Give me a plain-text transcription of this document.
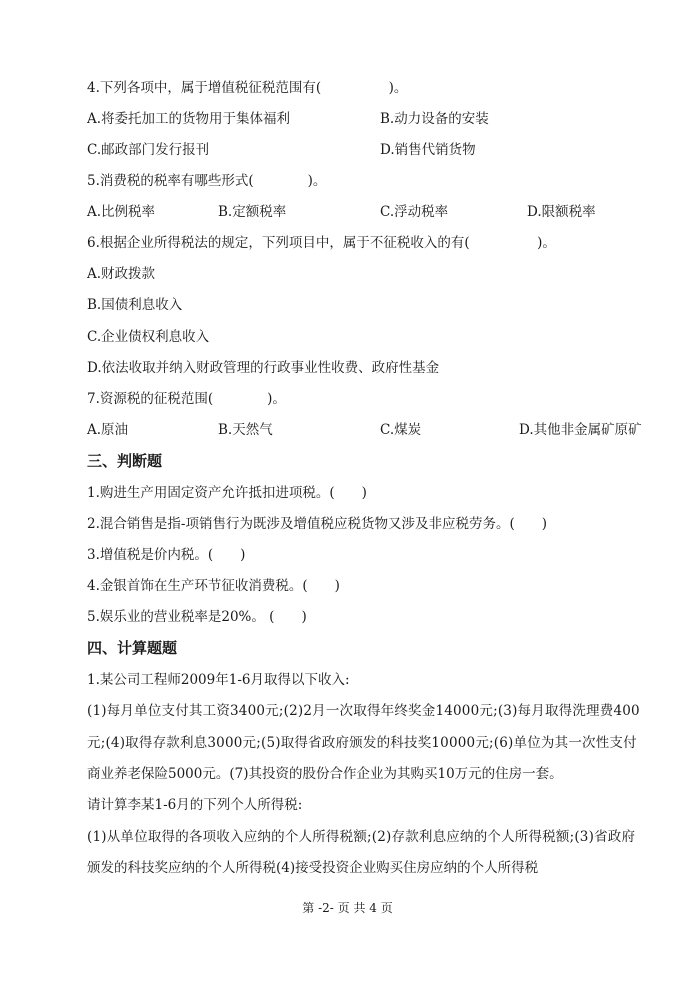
4.下列各项中，属于增值税征税范围有(　　　　　)。
A.将委托加工的货物用于集体福利	B.动力设备的安装
C.邮政部门发行报刊	D.销售代销货物
5.消费税的税率有哪些形式(　　　　)。
A.比例税率	B.定额税率	C.浮动税率	D.限额税率
6.根据企业所得税法的规定，下列项目中，属于不征税收入的有(　　　　　)。
A.财政拨款
B.国债利息收入
C.企业债权利息收入
D.依法收取并纳入财政管理的行政事业性收费、政府性基金
7.资源税的征税范围(　　　　)。
A.原油	B.天然气	C.煤炭	D.其他非金属矿原矿
三、判断题
1.购进生产用固定资产允许抵扣进项税。(　　)
2.混合销售是指-项销售行为既涉及增值税应税货物又涉及非应税劳务。(　　)
3.增值税是价内税。(　　)
4.金银首饰在生产环节征收消费税。(　　)
5.娱乐业的营业税率是20%。 (　　)
四、计算题题
1.某公司工程师2009年1-6月取得以下收入:
(1)每月单位支付其工资3400元;(2)2月一次取得年终奖金14000元;(3)每月取得洗理费400
元;(4)取得存款利息3000元;(5)取得省政府颁发的科技奖10000元;(6)单位为其一次性支付
商业养老保险5000元。(7)其投资的股份合作企业为其购买10万元的住房一套。
请计算李某1-6月的下列个人所得税:
(1)从单位取得的各项收入应纳的个人所得税额;(2)存款利息应纳的个人所得税额;(3)省政府
颁发的科技奖应纳的个人所得税(4)接受投资企业购买住房应纳的个人所得税
第 -2- 页 共 4 页
